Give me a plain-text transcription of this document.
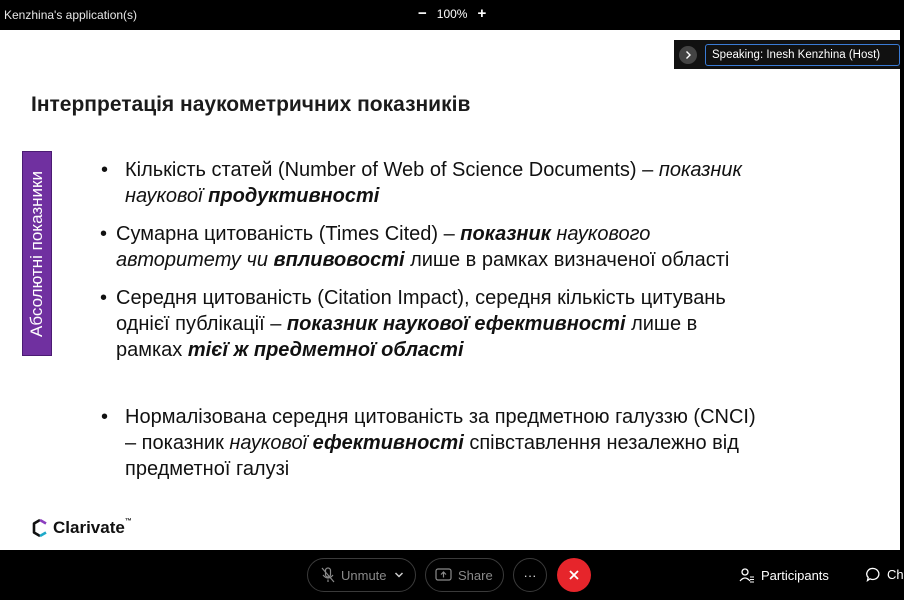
Kenzhina's application(s)	− 100% +
Speaking:
Inesh Kenzhina (Host)
Інтерпретація наукометричних показників
Абсолютні показники
• Кількість статей (Number of Web of Science Documents) – показник
наукової продуктивності
• Сумарна цитованість (Times Cited) – показник наукового
авторитету чи впливовості лише в рамках визначеної області
• Середня цитованість (Citation Impact), середня кількість цитувань
однієї публікації – показник наукової ефективності лише в
рамках тієї ж предметної області
• Нормалізована середня цитованість за предметною галуззю (CNCI)
– показник наукової ефективності співставлення незалежно від
предметної галузі
Clarivate™
Unmute	Share ···	Participants	Ch
